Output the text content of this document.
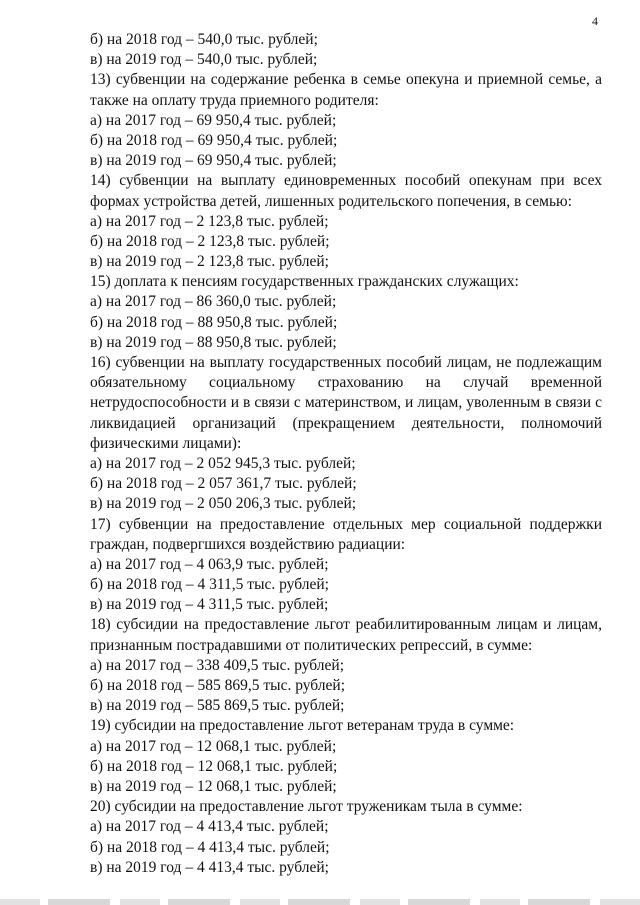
4
б) на 2018 год – 540,0 тыс. рублей;
в) на 2019 год – 540,0 тыс. рублей;
13) субвенции на содержание ребенка в семье опекуна и приемной семье, а
также на оплату труда приемного родителя:
а) на 2017 год – 69 950,4 тыс. рублей;
б) на 2018 год – 69 950,4 тыс. рублей;
в) на 2019 год – 69 950,4 тыс. рублей;
14) субвенции на выплату единовременных пособий опекунам при всех
формах устройства детей, лишенных родительского попечения, в семью:
а) на 2017 год – 2 123,8 тыс. рублей;
б) на 2018 год – 2 123,8 тыс. рублей;
в) на 2019 год – 2 123,8 тыс. рублей;
15) доплата к пенсиям государственных гражданских служащих:
а) на 2017 год – 86 360,0 тыс. рублей;
б) на 2018 год – 88 950,8 тыс. рублей;
в) на 2019 год – 88 950,8 тыс. рублей;
16) субвенции на выплату государственных пособий лицам, не подлежащим
обязательному социальному страхованию на случай временной
нетрудоспособности и в связи с материнством, и лицам, уволенным в связи с
ликвидацией организаций (прекращением деятельности, полномочий
физическими лицами):
а) на 2017 год – 2 052 945,3 тыс. рублей;
б) на 2018 год – 2 057 361,7 тыс. рублей;
в) на 2019 год – 2 050 206,3 тыс. рублей;
17) субвенции на предоставление отдельных мер социальной поддержки
граждан, подвергшихся воздействию радиации:
а) на 2017 год – 4 063,9 тыс. рублей;
б) на 2018 год – 4 311,5 тыс. рублей;
в) на 2019 год – 4 311,5 тыс. рублей;
18) субсидии на предоставление льгот реабилитированным лицам и лицам,
признанным пострадавшими от политических репрессий, в сумме:
а) на 2017 год – 338 409,5 тыс. рублей;
б) на 2018 год – 585 869,5 тыс. рублей;
в) на 2019 год – 585 869,5 тыс. рублей;
19) субсидии на предоставление льгот ветеранам труда в сумме:
а) на 2017 год – 12 068,1 тыс. рублей;
б) на 2018 год – 12 068,1 тыс. рублей;
в) на 2019 год – 12 068,1 тыс. рублей;
20) субсидии на предоставление льгот труженикам тыла в сумме:
а) на 2017 год – 4 413,4 тыс. рублей;
б) на 2018 год – 4 413,4 тыс. рублей;
в) на 2019 год – 4 413,4 тыс. рублей;
